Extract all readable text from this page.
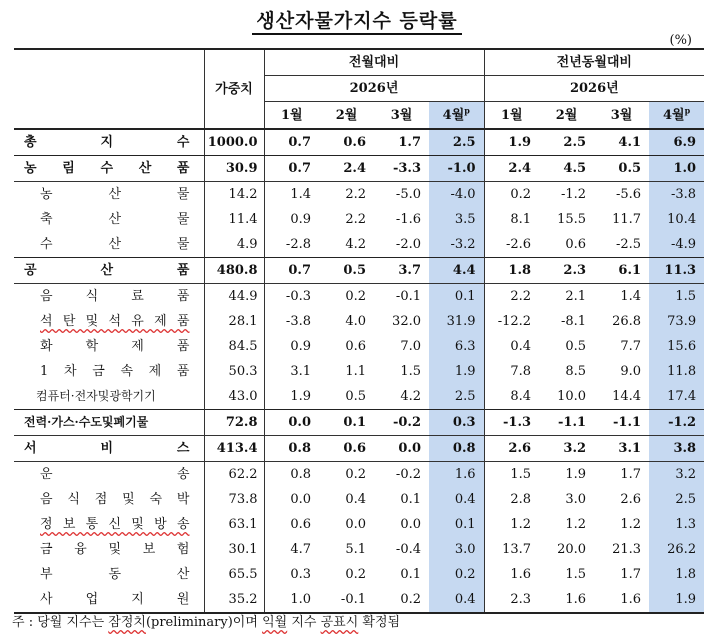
생산자물가지수 등락률
(%)
	가중치	전월대비				전년동월대비			
		2026년				2026년			
		1월	2월	3월	4월$^p$	1월	2월	3월	4월$^p$
총 지 수	1000.0	0.7	0.6	1.7	2.5	1.9	2.5	4.1	6.9
농 림 수 산 품	30.9	0.7	2.4	-3.3	-1.0	2.4	4.5	0.5	1.0
농 산 물	14.2	1.4	2.2	-5.0	-4.0	0.2	-1.2	-5.6	-3.8
축 산 물	11.4	0.9	2.2	-1.6	3.5	8.1	15.5	11.7	10.4
수 산 물	4.9	-2.8	4.2	-2.0	-3.2	-2.6	0.6	-2.5	-4.9
공 산 품	480.8	0.7	0.5	3.7	4.4	1.8	2.3	6.1	11.3
음 식 료 품	44.9	-0.3	0.2	-0.1	0.1	2.2	2.1	1.4	1.5
석 탄 및 석 유 제 품	28.1	-3.8	4.0	32.0	31.9	-12.2	-8.1	26.8	73.9
화 학 제 품	84.5	0.9	0.6	7.0	6.3	0.4	0.5	7.7	15.6
1 차 금 속 제 품	50.3	3.1	1.1	1.5	1.9	7.8	8.5	9.0	11.8
컴퓨터·전자및광학기기	43.0	1.9	0.5	4.2	2.5	8.4	10.0	14.4	17.4
전력·가스·수도및폐기물	72.8	0.0	0.1	-0.2	0.3	-1.3	-1.1	-1.1	-1.2
서 비 스	413.4	0.8	0.6	0.0	0.8	2.6	3.2	3.1	3.8
운 송	62.2	0.8	0.2	-0.2	1.6	1.5	1.9	1.7	3.2
음 식 점 및 숙 박	73.8	0.0	0.4	0.1	0.4	2.8	3.0	2.6	2.5
정 보 통 신 및 방 송	63.1	0.6	0.0	0.0	0.1	1.2	1.2	1.2	1.3
금 융 및 보 험	30.1	4.7	5.1	-0.4	3.0	13.7	20.0	21.3	26.2
부 동 산	65.5	0.3	0.2	0.1	0.2	1.6	1.5	1.7	1.8
사 업 지 원	35.2	1.0	-0.1	0.2	0.4	2.3	1.6	1.6	1.9
주 : 당월 지수는 잠정치(preliminary)이며 익월 지수 공표시 확정됨
